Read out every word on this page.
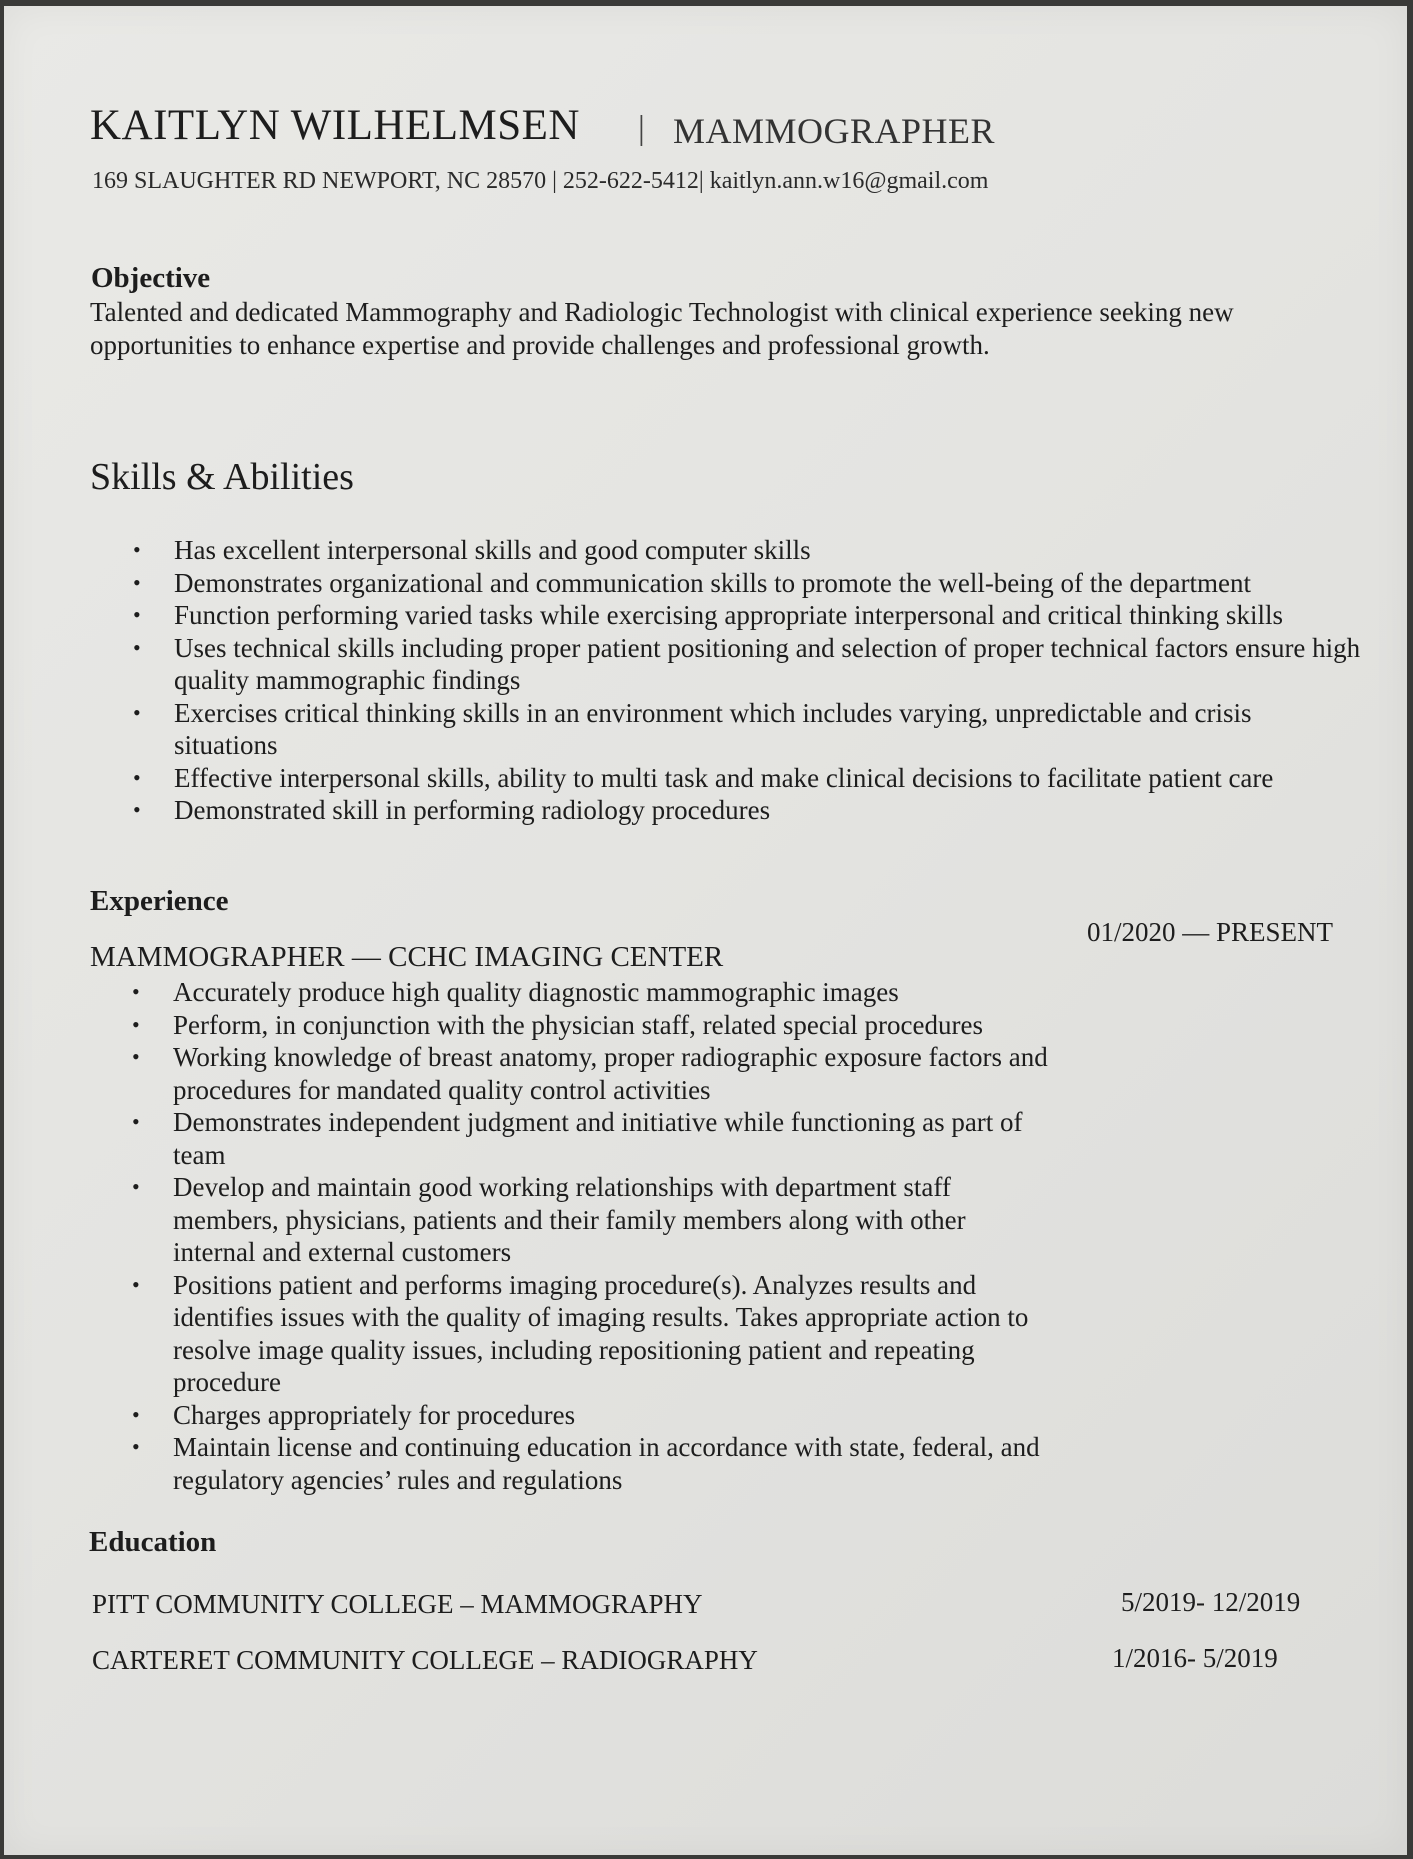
KAITLYN WILHELMSEN | MAMMOGRAPHER
169 SLAUGHTER RD NEWPORT, NC 28570 | 252-622-5412| kaitlyn.ann.w16@gmail.com
Objective
Talented and dedicated Mammography and Radiologic Technologist with clinical experience seeking new
opportunities to enhance expertise and provide challenges and professional growth.
Skills & Abilities
• Has excellent interpersonal skills and good computer skills
• Demonstrates organizational and communication skills to promote the well-being of the department
• Function performing varied tasks while exercising appropriate interpersonal and critical thinking skills
• Uses technical skills including proper patient positioning and selection of proper technical factors ensure high quality mammographic findings
• Exercises critical thinking skills in an environment which includes varying, unpredictable and crisis situations
• Effective interpersonal skills, ability to multi task and make clinical decisions to facilitate patient care
• Demonstrated skill in performing radiology procedures
Experience
01/2020 — PRESENT
MAMMOGRAPHER — CCHC IMAGING CENTER
• Accurately produce high quality diagnostic mammographic images
• Perform, in conjunction with the physician staff, related special procedures
• Working knowledge of breast anatomy, proper radiographic exposure factors and procedures for mandated quality control activities
• Demonstrates independent judgment and initiative while functioning as part of team
• Develop and maintain good working relationships with department staff members, physicians, patients and their family members along with other internal and external customers
• Positions patient and performs imaging procedure(s). Analyzes results and identifies issues with the quality of imaging results. Takes appropriate action to resolve image quality issues, including repositioning patient and repeating procedure
• Charges appropriately for procedures
• Maintain license and continuing education in accordance with state, federal, and regulatory agencies’ rules and regulations
Education
PITT COMMUNITY COLLEGE – MAMMOGRAPHY	5/2019- 12/2019
CARTERET COMMUNITY COLLEGE – RADIOGRAPHY	1/2016- 5/2019
